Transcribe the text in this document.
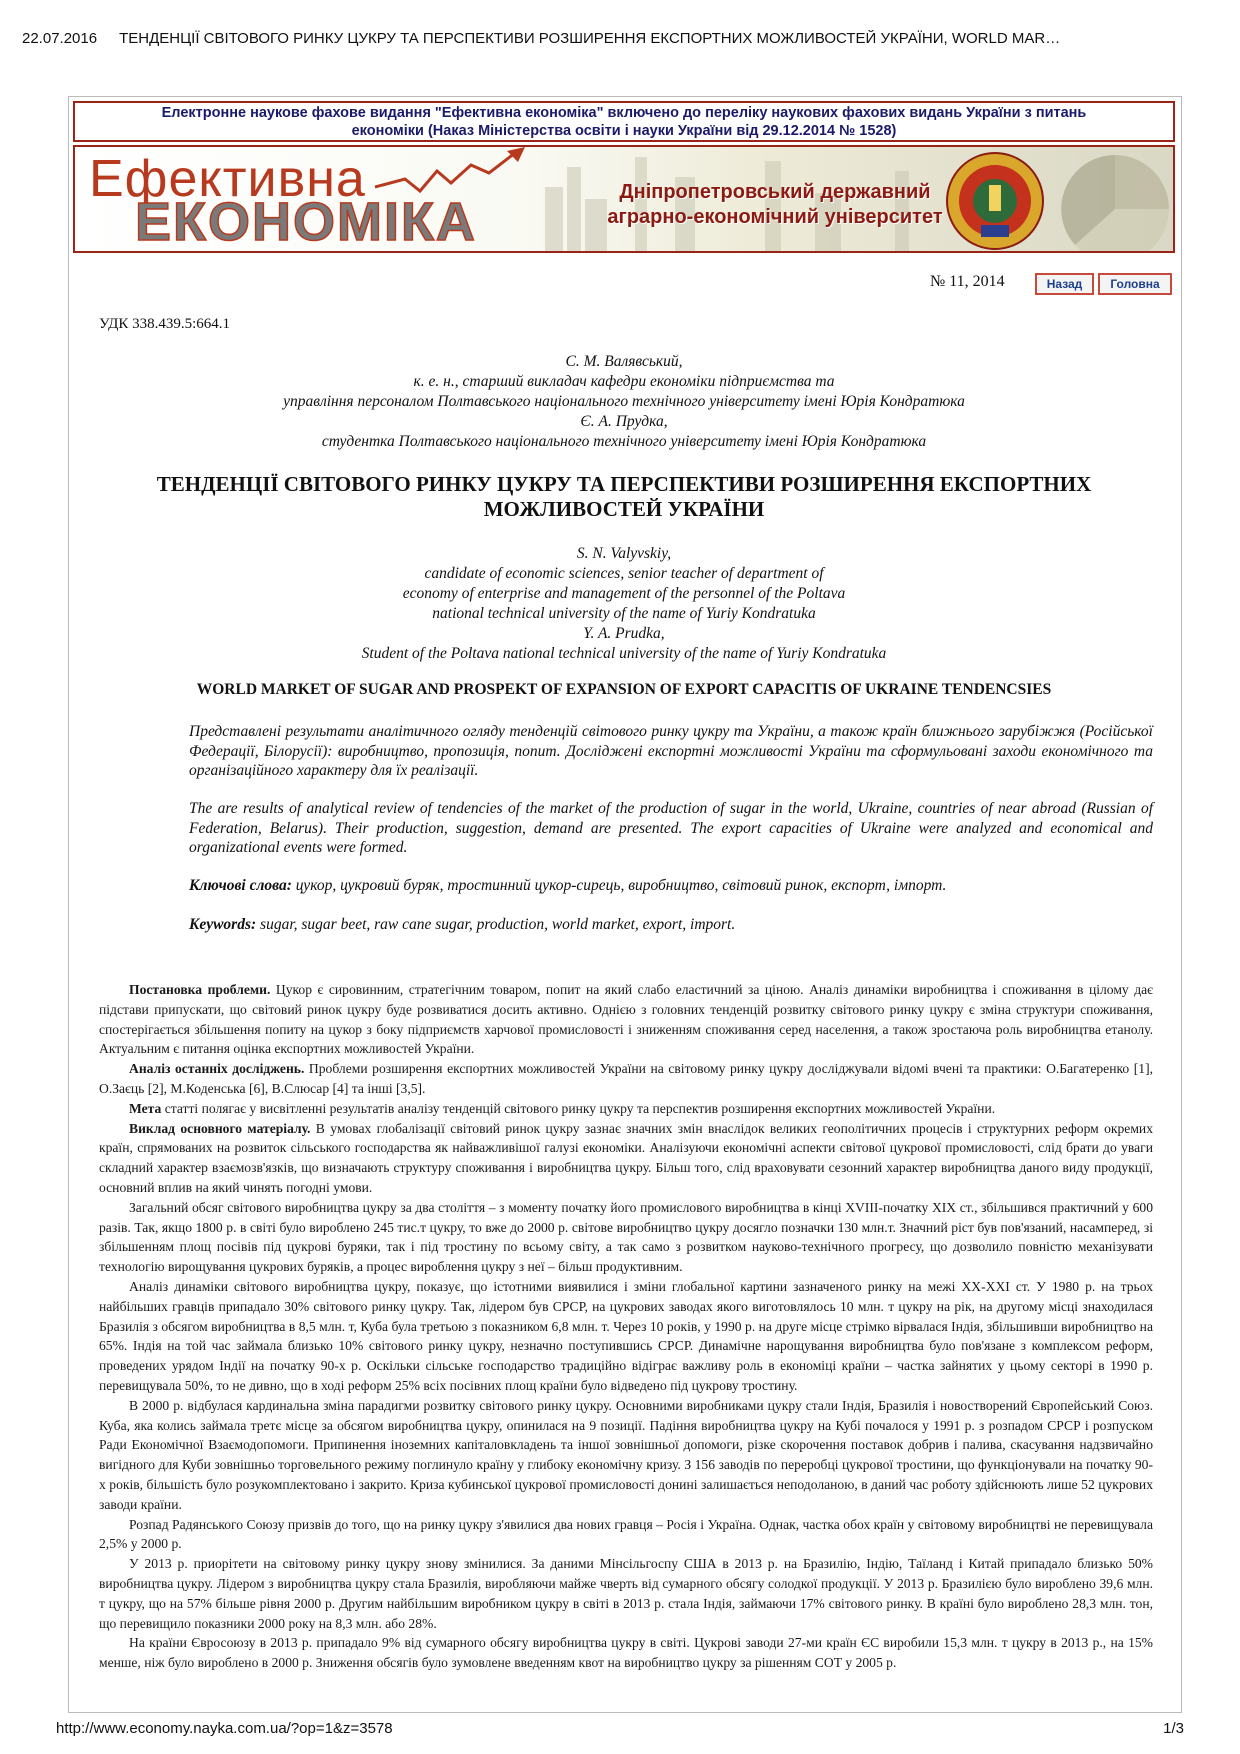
22.07.2016 ТЕНДЕНЦІЇ СВІТОВОГО РИНКУ ЦУКРУ ТА ПЕРСПЕКТИВИ РОЗШИРЕННЯ ЕКСПОРТНИХ МОЖЛИВОСТЕЙ УКРАЇНИ, WORLD MAR…
Електронне наукове фахове видання "Ефективна економіка" включено до переліку наукових фахових видань України з питань
економіки (Наказ Міністерства освіти і науки України від 29.12.2014 № 1528)
Ефективна
ЕКОНОМІКА	Дніпропетровський державний
аграрно-економічний університет
№ 11, 2014	Назад	Головна
УДК 338.439.5:664.1
С. М. Валявський,
к. е. н., старший викладач кафедри економіки підприємства та
управління персоналом Полтавського національного технічного університету імені Юрія Кондратюка
Є. А. Прудка,
студентка Полтавського національного технічного університету імені Юрія Кондратюка
ТЕНДЕНЦІЇ СВІТОВОГО РИНКУ ЦУКРУ ТА ПЕРСПЕКТИВИ РОЗШИРЕННЯ ЕКСПОРТНИХ
МОЖЛИВОСТЕЙ УКРАЇНИ
S. N. Valyvskiy,
candidate of economic sciences, senior teacher of department of
economy of enterprise and management of the personnel of the Poltava
national technical university of the name of Yuriy Kondratuka
Y. A. Prudka,
Student of the Poltava national technical university of the name of Yuriy Kondratuka
WORLD MARKET OF SUGAR AND PROSPEKT OF EXPANSION OF EXPORT CAPACITIS OF UKRAINE TENDENCSIES
Представлені результати аналітичного огляду тенденцій світового ринку цукру та України, а також країн ближнього зарубіжжя (Російської Федерації, Білорусії): виробництво, пропозиція, попит. Досліджені експортні можливості України та сформульовані заходи економічного та організаційного характеру для їх реалізації.
The are results of analytical review of tendencies of the market of the production of sugar in the world, Ukraine, countries of near abroad (Russian of Federation, Belarus). Their production, suggestion, demand are presented. The export capacities of Ukraine were analyzed and economical and organizational events were formed.
Ключові слова: цукор, цукровий буряк, тростинний цукор-сирець, виробництво, світовий ринок, експорт, імпорт.
Keywords: sugar, sugar beet, raw cane sugar, production, world market, export, import.

Постановка проблеми. Цукор є сировинним, стратегічним товаром, попит на який слабо еластичний за ціною. Аналіз динаміки виробництва і споживання в цілому дає підстави припускати, що світовий ринок цукру буде розвиватися досить активно. Однією з головних тенденцій розвитку світового ринку цукру є зміна структури споживання, спостерігається збільшення попиту на цукор з боку підприємств харчової промисловості і зниженням споживання серед населення, а також зростаюча роль виробництва етанолу. Актуальним є питання оцінка експортних можливостей України.

Аналіз останніх досліджень. Проблеми розширення експортних можливостей України на світовому ринку цукру досліджували відомі вчені та практики: О.Багатеренко [1], О.Заєць [2], М.Коденська [6], В.Слюсар [4] та інші [3,5].

Мета статті полягає у висвітленні результатів аналізу тенденцій світового ринку цукру та перспектив розширення експортних можливостей України.

Виклад основного матеріалу. В умовах глобалізації світовий ринок цукру зазнає значних змін внаслідок великих геополітичних процесів і структурних реформ окремих країн, спрямованих на розвиток сільського господарства як найважливішої галузі економіки. Аналізуючи економічні аспекти світової цукрової промисловості, слід брати до уваги складний характер взаємозв'язків, що визначають структуру споживання і виробництва цукру. Більш того, слід враховувати сезонний характер виробництва даного виду продукції, основний вплив на який чинять погодні умови.

Загальний обсяг світового виробництва цукру за два століття – з моменту початку його промислового виробництва в кінці XVIII-початку XIX ст., збільшився практичний у 600 разів. Так, якщо 1800 р. в світі було вироблено 245 тис.т цукру, то вже до 2000 р. світове виробництво цукру досягло позначки 130 млн.т. Значний ріст був пов'язаний, насамперед, зі збільшенням площ посівів під цукрові буряки, так і під тростину по всьому світу, а так само з розвитком науково-технічного прогресу, що дозволило повністю механізувати технологію вирощування цукрових буряків, а процес вироблення цукру з неї – більш продуктивним.

Аналіз динаміки світового виробництва цукру, показує, що істотними виявилися і зміни глобальної картини зазначеного ринку на межі XX-XXI ст. У 1980 р. на трьох найбільших гравців припадало 30% світового ринку цукру. Так, лідером був СРСР, на цукрових заводах якого виготовлялось 10 млн. т цукру на рік, на другому місці знаходилася Бразилія з обсягом виробництва в 8,5 млн. т, Куба була третьою з показником 6,8 млн. т. Через 10 років, у 1990 р. на друге місце стрімко вірвалася Індія, збільшивши виробництво на 65%. Індія на той час займала близько 10% світового ринку цукру, незначно поступившись СРСР. Динамічне нарощування виробництва було пов'язане з комплексом реформ, проведених урядом Індії на початку 90-х р. Оскільки сільське господарство традиційно відіграє важливу роль в економіці країни – частка зайнятих у цьому секторі в 1990 р. перевищувала 50%, то не дивно, що в ході реформ 25% всіх посівних площ країни було відведено під цукрову тростину.

В 2000 р. відбулася кардинальна зміна парадигми розвитку світового ринку цукру. Основними виробниками цукру стали Індія, Бразилія і новостворений Європейський Союз. Куба, яка колись займала третє місце за обсягом виробництва цукру, опинилася на 9 позиції. Падіння виробництва цукру на Кубі почалося у 1991 р. з розпадом СРСР і розпуском Ради Економічної Взаємодопомоги. Припинення іноземних капіталовкладень та іншої зовнішньої допомоги, різке скорочення поставок добрив і палива, скасування надзвичайно вигідного для Куби зовнішньо торговельного режиму поглинуло країну у глибоку економічну кризу. З 156 заводів по переробці цукрової тростини, що функціонували на початку 90-х років, більшість було розукомплектовано і закрито. Криза кубинської цукрової промисловості донині залишається неподоланою, в даний час роботу здійснюють лише 52 цукрових заводи країни.

Розпад Радянського Союзу призвів до того, що на ринку цукру з'явилися два нових гравця – Росія і Україна. Однак, частка обох країн у світовому виробництві не перевищувала 2,5% у 2000 р.

У 2013 р. приорітети на світовому ринку цукру знову змінилися. За даними Мінсільгоспу США в 2013 р. на Бразилію, Індію, Таїланд і Китай припадало близько 50% виробництва цукру. Лідером з виробництва цукру стала Бразилія, виробляючи майже чверть від сумарного обсягу солодкої продукції. У 2013 р. Бразилією було вироблено 39,6 млн. т цукру, що на 57% більше рівня 2000 р. Другим найбільшим виробником цукру в світі в 2013 р. стала Індія, займаючи 17% світового ринку. В країні було вироблено 28,3 млн. тон, що перевищило показники 2000 року на 8,3 млн. або 28%.

На країни Євросоюзу в 2013 р. припадало 9% від сумарного обсягу виробництва цукру в світі. Цукрові заводи 27-ми країн ЄС виробили 15,3 млн. т цукру в 2013 р., на 15% менше, ніж було вироблено в 2000 р. Зниження обсягів було зумовлене введенням квот на виробництво цукру за рішенням СОТ у 2005 р.

http://www.economy.nayka.com.ua/?op=1&z=3578	1/3
